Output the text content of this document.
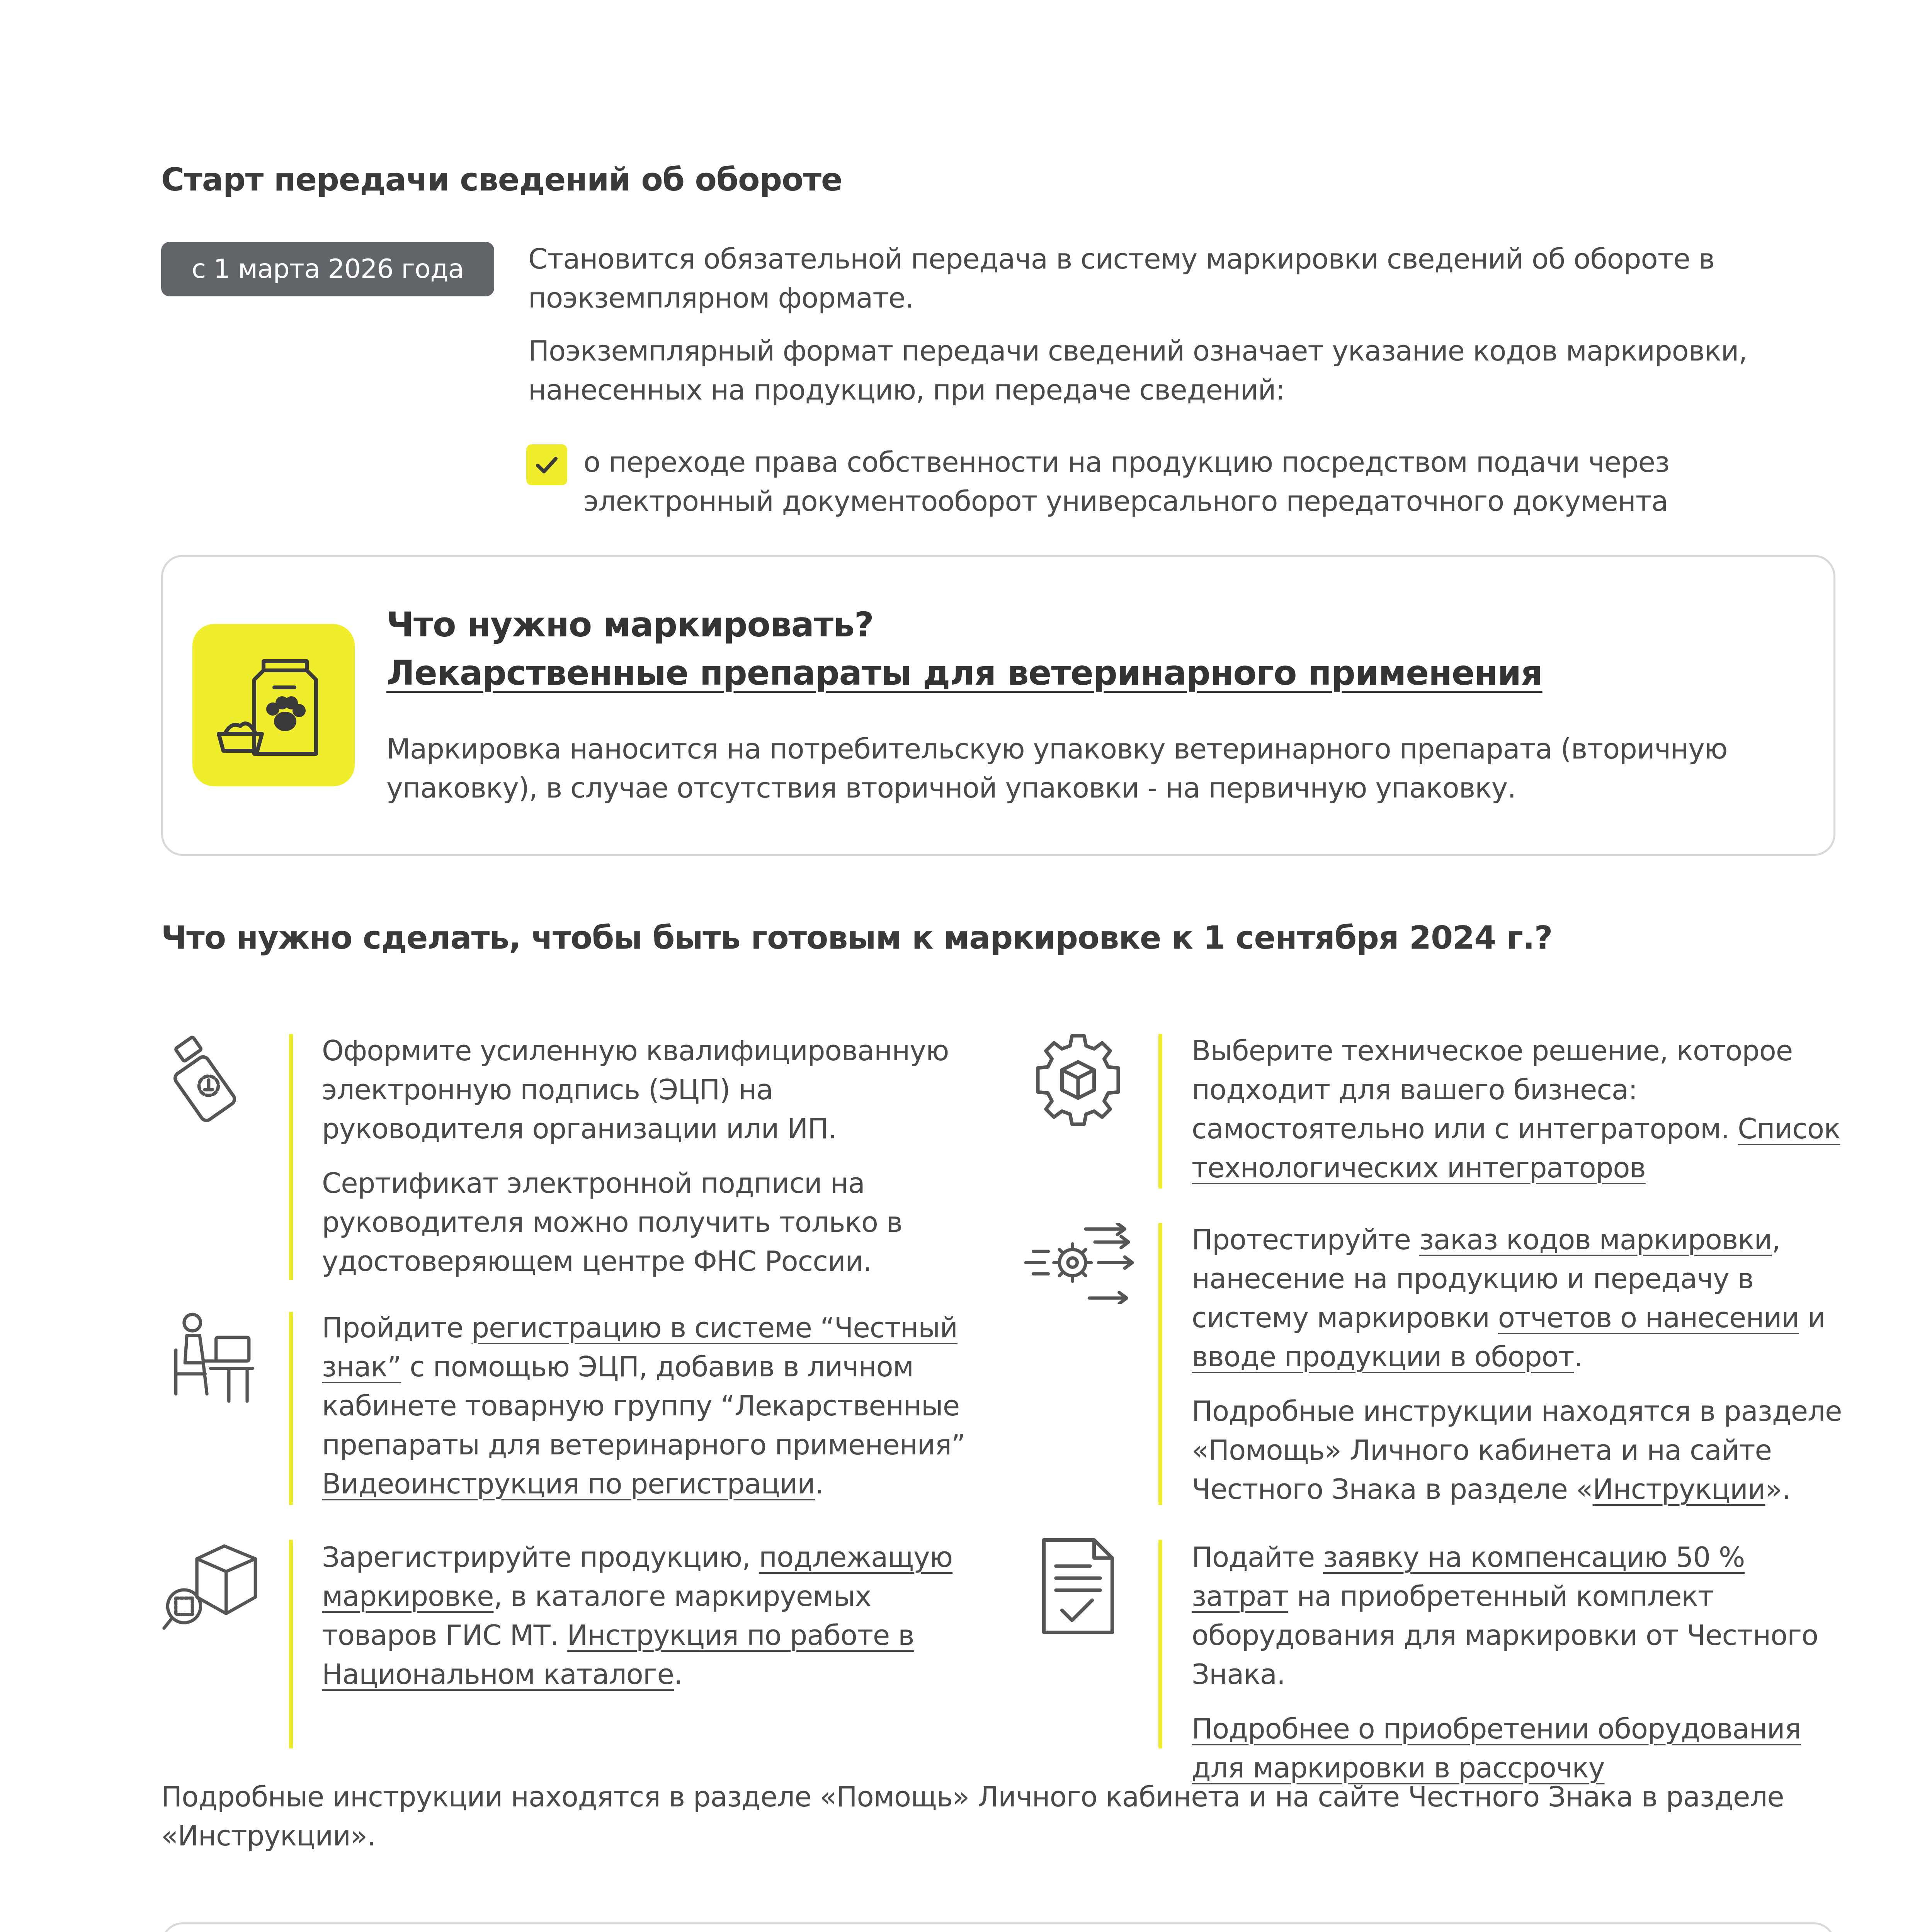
Старт передачи сведений об обороте
с 1 марта 2026 года	Становится обязательной передача в систему маркировки сведений об обороте в поэкземплярном формате.
Поэкземплярный формат передачи сведений означает указание кодов маркировки, нанесенных на продукцию, при передаче сведений:
о переходе права собственности на продукцию посредством подачи через электронный документооборот универсального передаточного документа
Что нужно маркировать?
Лекарственные препараты для ветеринарного применения
Маркировка наносится на потребительскую упаковку ветеринарного препарата (вторичную упаковку), в случае отсутствия вторичной упаковки - на первичную упаковку.
Что нужно сделать, чтобы быть готовым к маркировке к 1 сентября 2024 г.?

Оформите усиленную квалифицированную электронную подпись (ЭЦП) на руководителя организации или ИП.

Сертификат электронной подписи на руководителя можно получить только в удостоверяющем центре ФНС России.

Пройдите регистрацию в системе “Честный знак” с помощью ЭЦП, добавив в личном кабинете товарную группу “Лекарственные препараты для ветеринарного применения” Видеоинструкция по регистрации.
Зарегистрируйте продукцию, подлежащую маркировке, в каталоге маркируемых товаров ГИС МТ. Инструкция по работе в Национальном каталоге.
Выберите техническое решение, которое подходит для вашего бизнеса: самостоятельно или с интегратором. Список технологических интеграторов

Протестируйте заказ кодов маркировки, нанесение на продукцию и передачу в систему маркировки отчетов о нанесении и вводе продукции в оборот.

Подробные инструкции находятся в разделе «Помощь» Личного кабинета и на сайте Честного Знака в разделе «Инструкции».

Подайте заявку на компенсацию 50 % затрат на приобретенный комплект оборудования для маркировки от Честного Знака.

Подробнее о приобретении оборудования для маркировки в рассрочку

Подробные инструкции находятся в разделе «Помощь» Личного кабинета и на сайте Честного Знака в разделе «Инструкции».
